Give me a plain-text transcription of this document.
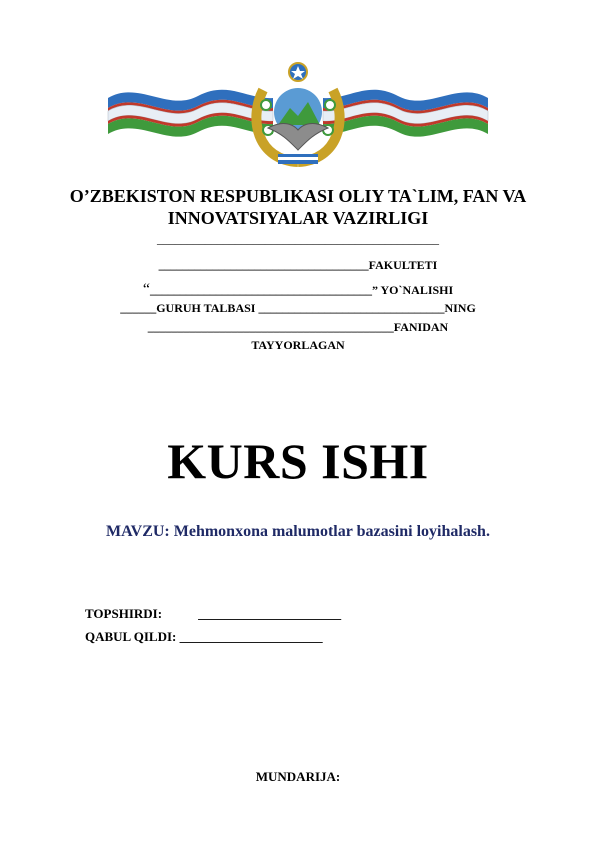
O’ZBEKISTON RESPUBLIKASI OLIY TA`LIM, FAN VA
INNOVATSIYALAR VAZIRLIGI
_______________________________________________
___________________________________FAKULTETI
“_____________________________________” YO`NALISHI
______GURUH TALBASI _______________________________NING
_________________________________________FANIDAN
TAYYORLAGAN
KURS ISHI
MAVZU: Mehmonxona malumotlar bazasini loyihalash.
TOPSHIRDI:	______________________
QABUL QILDI: ______________________
MUNDARIJA:
